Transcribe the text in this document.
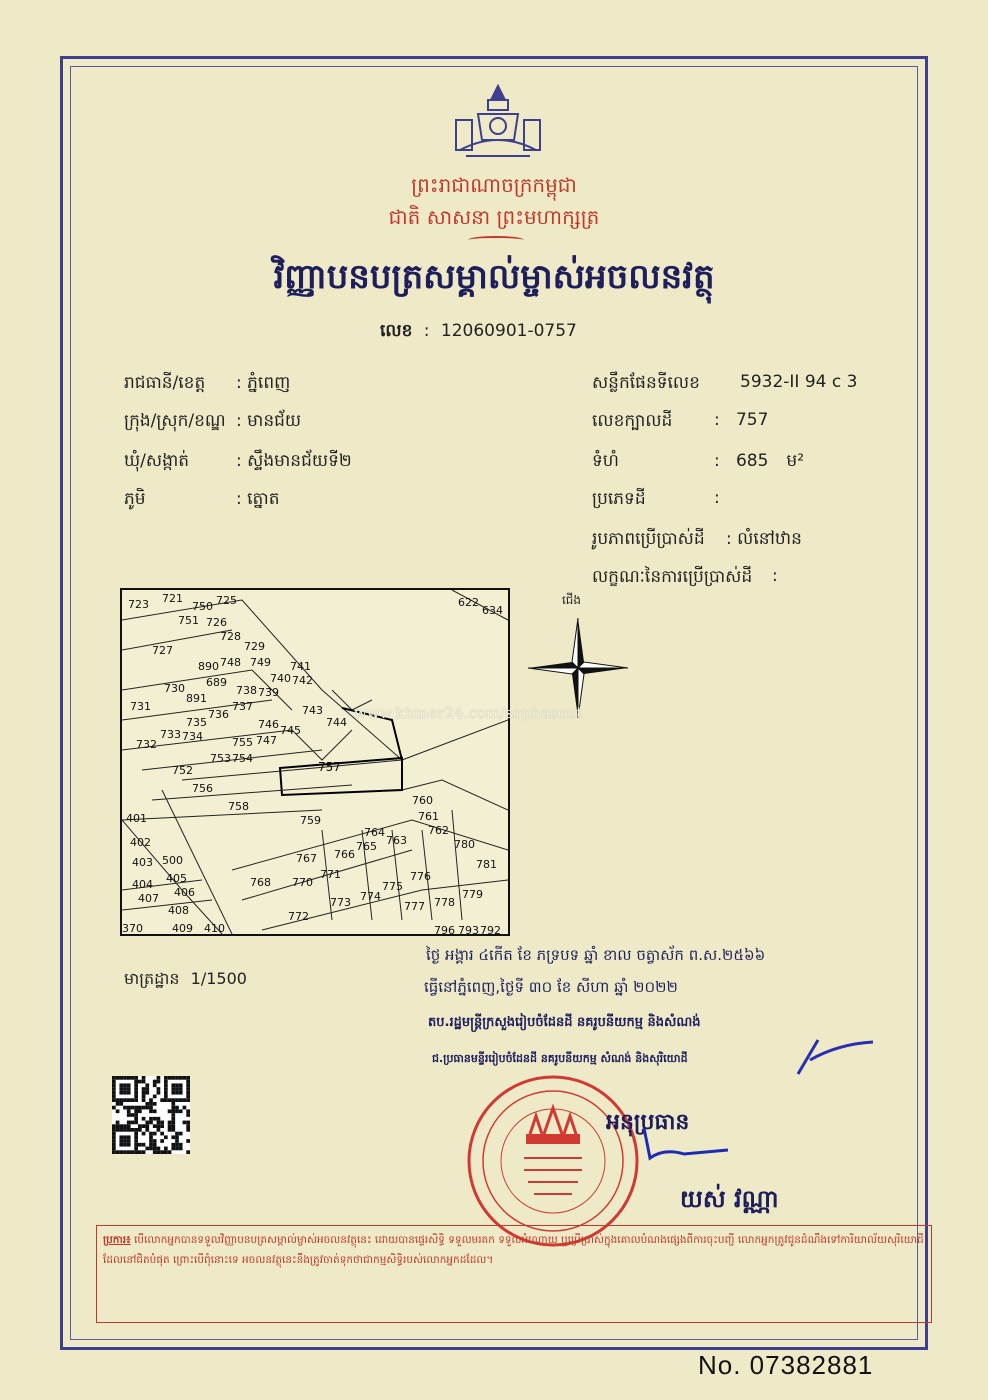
ព្រះរាជាណាចក្រកម្ពុជា
ជាតិ សាសនា ព្រះមហាក្សត្រ
វិញ្ញាបនបត្រសម្គាល់ម្ចាស់អចលនវត្ថុ
លេខ : 12060901-0757
រាជធានី/ខេត្ត : ភ្នំពេញ
ក្រុង/ស្រុក/ខណ្ឌ : មានជ័យ
ឃុំ/សង្កាត់	: ស្ទឹងមានជ័យទី២
ភូមិ	: ត្នោត
សន្លឹកផែនទីលេខ 5932-II 94 c 3
លេខក្បាលដី :   757
ទំហំ	:   685 ម²
ប្រភេទដី	:
រូបភាពប្រើប្រាស់ដី : លំនៅឋាន
លក្ខណៈនៃការប្រើប្រាស់ដី :
721
723	725
750
751 726
728
727	729
890 748 749 741
730 689
738 739
740 742
891
737
731	743
736
735	746 745
744
733 734	755 747
732
753 754
757
752
756
758
401	759
760
761
402
764	762
763
765
766
780
403 500	767
404 405	771
781
768 770	776
775
406
407	774
773
779
777 778
408	772
370	409 410	796 793 792
622
634
ជើង
www.khmer24.com/sophasout
មាត្រដ្ឋាន 1/1500
ថ្ងៃ អង្គារ ៤កើត ខែ ភទ្របទ ឆ្នាំ ខាល ចត្វាស័ក ព.ស.២៥៦៦
ធ្វើនៅភ្នំពេញ,ថ្ងៃទី ៣០ ខែ សីហា ឆ្នាំ ២០២២
តប.រដ្ឋមន្ត្រីក្រសួងរៀបចំដែនដី នគរូបនីយកម្ម និងសំណង់
ជ.ប្រធានមន្ទីររៀបចំដែនដី នគរូបនីយកម្ម សំណង់ និងសុរិយោដី
អនុប្រធាន
យស់ វណ្ណា
ប្រការ៖ បើលោកអ្នកបានទទួលវិញ្ញាបនបត្រសម្គាល់ម្ចាស់អចលនវត្ថុនេះ ដោយបានផ្ទេរសិទ្ធិ ទទួលមរតក ទទួលអំណោយ ឬប្រើប្រាស់ក្នុងគោលបំណងផ្សេងពីការចុះបញ្ជី លោកអ្នកត្រូវជូនដំណឹងទៅការិយាល័យសុរិយោដីដែលនៅជិតបំផុត ព្រោះបើពុំនោះទេ អចលនវត្ថុនេះនឹងត្រូវចាត់ទុកថាជាកម្មសិទ្ធិរបស់លោកអ្នកដដែល។
No. 07382881
